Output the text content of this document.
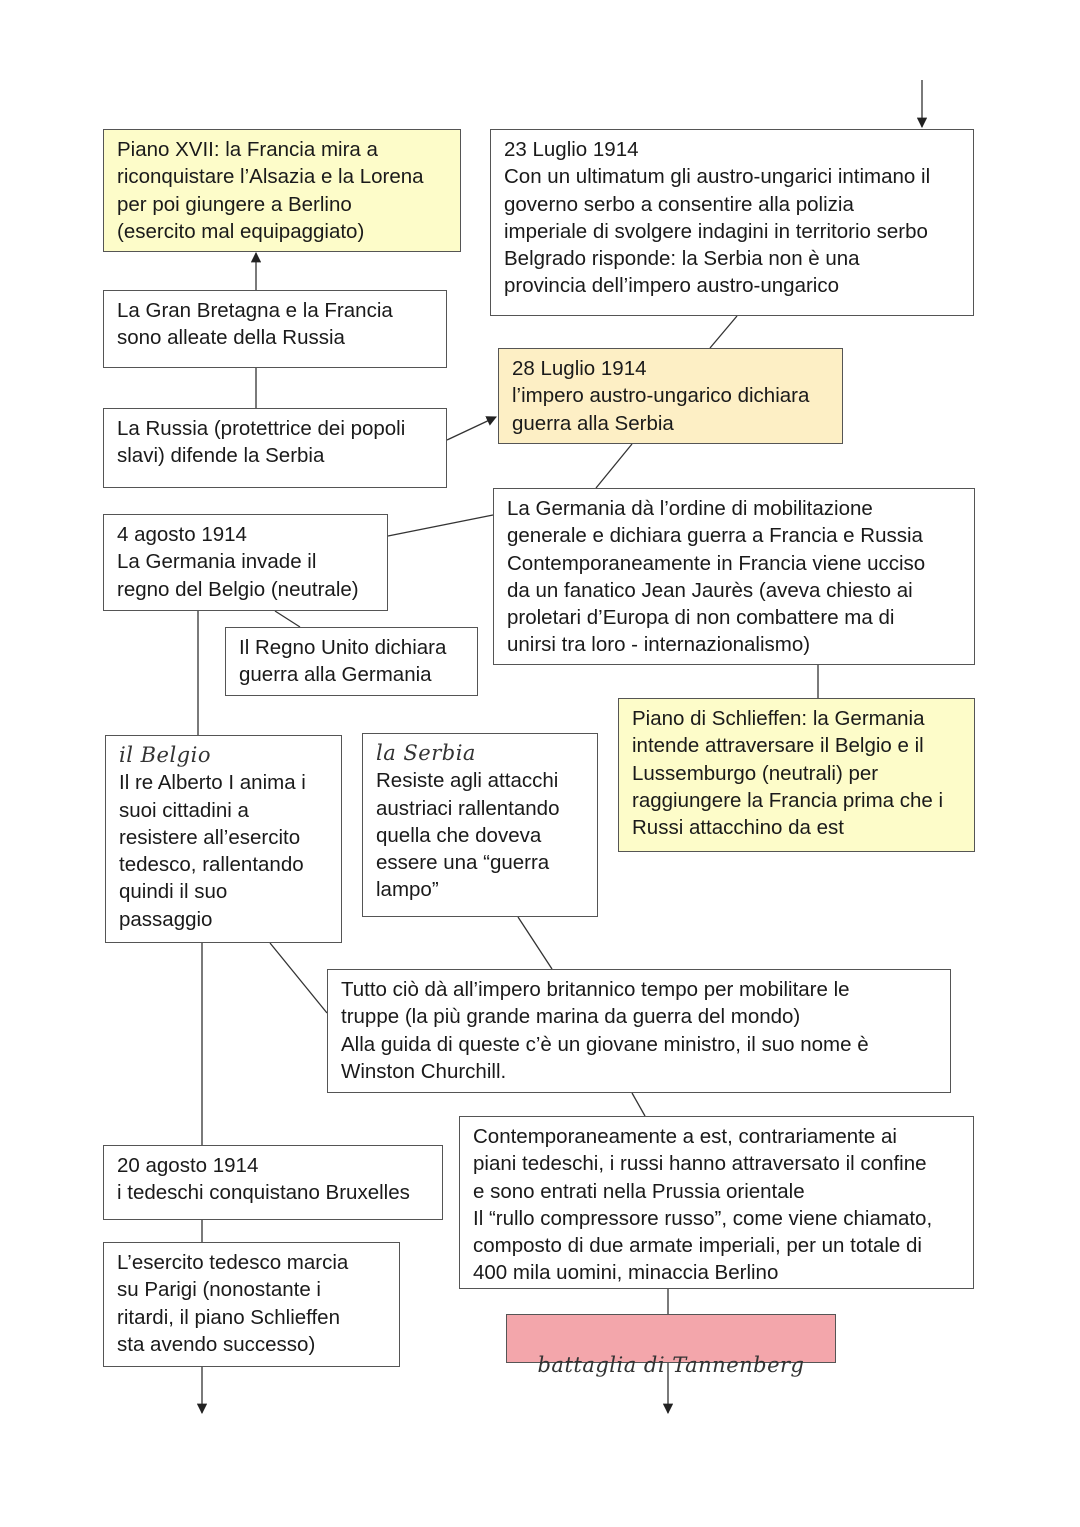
Piano XVII: la Francia mira a
riconquistare l’Alsazia e la Lorena
per poi giungere a Berlino
(esercito mal equipaggiato)
23 Luglio 1914
Con un ultimatum gli austro-ungarici intimano il
governo serbo a consentire alla polizia
imperiale di svolgere indagini in territorio serbo
Belgrado risponde: la Serbia non è una
provincia dell’impero austro-ungarico
La Gran Bretagna e la Francia
sono alleate della Russia
28 Luglio 1914
l’impero austro-ungarico dichiara
guerra alla Serbia
La Russia (protettrice dei popoli
slavi) difende la Serbia
La Germania dà l’ordine di mobilitazione
generale e dichiara guerra a Francia e Russia
Contemporaneamente in Francia viene ucciso
da un fanatico Jean Jaurès (aveva chiesto ai
proletari d’Europa di non combattere ma di
unirsi tra loro - internazionalismo)
4 agosto 1914
La Germania invade il
regno del Belgio (neutrale)
Il Regno Unito dichiara
guerra alla Germania
Piano di Schlieffen: la Germania
intende attraversare il Belgio e il
Lussemburgo (neutrali) per
raggiungere la Francia prima che i
Russi attacchino da est
il Belgio
Il re Alberto I anima i
suoi cittadini a
resistere all’esercito
tedesco, rallentando
quindi il suo
passaggio
la Serbia
Resiste agli attacchi
austriaci rallentando
quella che doveva
essere una “guerra
lampo”
Tutto ciò dà all’impero britannico tempo per mobilitare le
truppe (la più grande marina da guerra del mondo)
Alla guida di queste c’è un giovane ministro, il suo nome è
Winston Churchill.
20 agosto 1914
i tedeschi conquistano Bruxelles
Contemporaneamente a est, contrariamente ai
piani tedeschi, i russi hanno attraversato il confine
e sono entrati nella Prussia orientale
Il “rullo compressore russo”, come viene chiamato,
composto di due armate imperiali, per un totale di
400 mila uomini, minaccia Berlino
L’esercito tedesco marcia
su Parigi (nonostante i
ritardi, il piano Schlieffen
sta avendo successo)

battaglia di Tannenberg
